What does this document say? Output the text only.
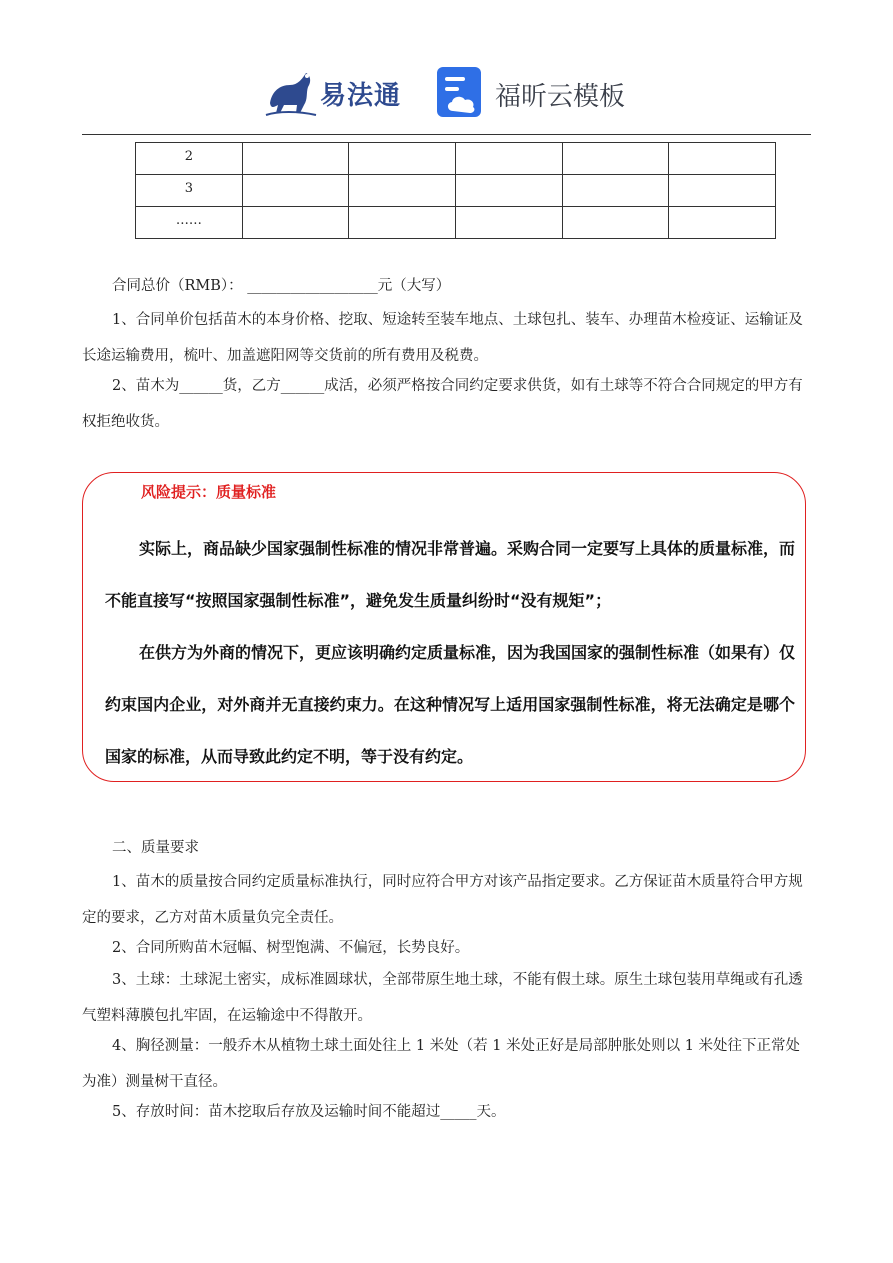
易法通	福昕云模板
2					
3					
……					
合同总价（RMB）： __________________元（大写）
1、合同单价包括苗木的本身价格、挖取、短途转至装车地点、土球包扎、装车、办理苗木检疫证、运输证及长途运输费用，梳叶、加盖遮阳网等交货前的所有费用及税费。
2、苗木为______货，乙方______成活，必须严格按合同约定要求供货，如有土球等不符合合同规定的甲方有权拒绝收货。
风险提示：质量标准

实际上，商品缺少国家强制性标准的情况非常普遍。采购合同一定要写上具体的质量标准，而不能直接写“按照国家强制性标准”，避免发生质量纠纷时“没有规矩”；

在供方为外商的情况下，更应该明确约定质量标准，因为我国国家的强制性标准（如果有）仅约束国内企业，对外商并无直接约束力。在这种情况写上适用国家强制性标准，将无法确定是哪个国家的标准，从而导致此约定不明，等于没有约定。

二、质量要求
1、苗木的质量按合同约定质量标准执行，同时应符合甲方对该产品指定要求。乙方保证苗木质量符合甲方规定的要求，乙方对苗木质量负完全责任。
2、合同所购苗木冠幅、树型饱满、不偏冠，长势良好。
3、土球：土球泥土密实，成标准圆球状，全部带原生地土球，不能有假土球。原生土球包装用草绳或有孔透气塑料薄膜包扎牢固，在运输途中不得散开。
4、胸径测量：一般乔木从植物土球土面处往上 1 米处（若 1 米处正好是局部肿胀处则以 1 米处往下正常处为准）测量树干直径。
5、存放时间：苗木挖取后存放及运输时间不能超过_____天。
